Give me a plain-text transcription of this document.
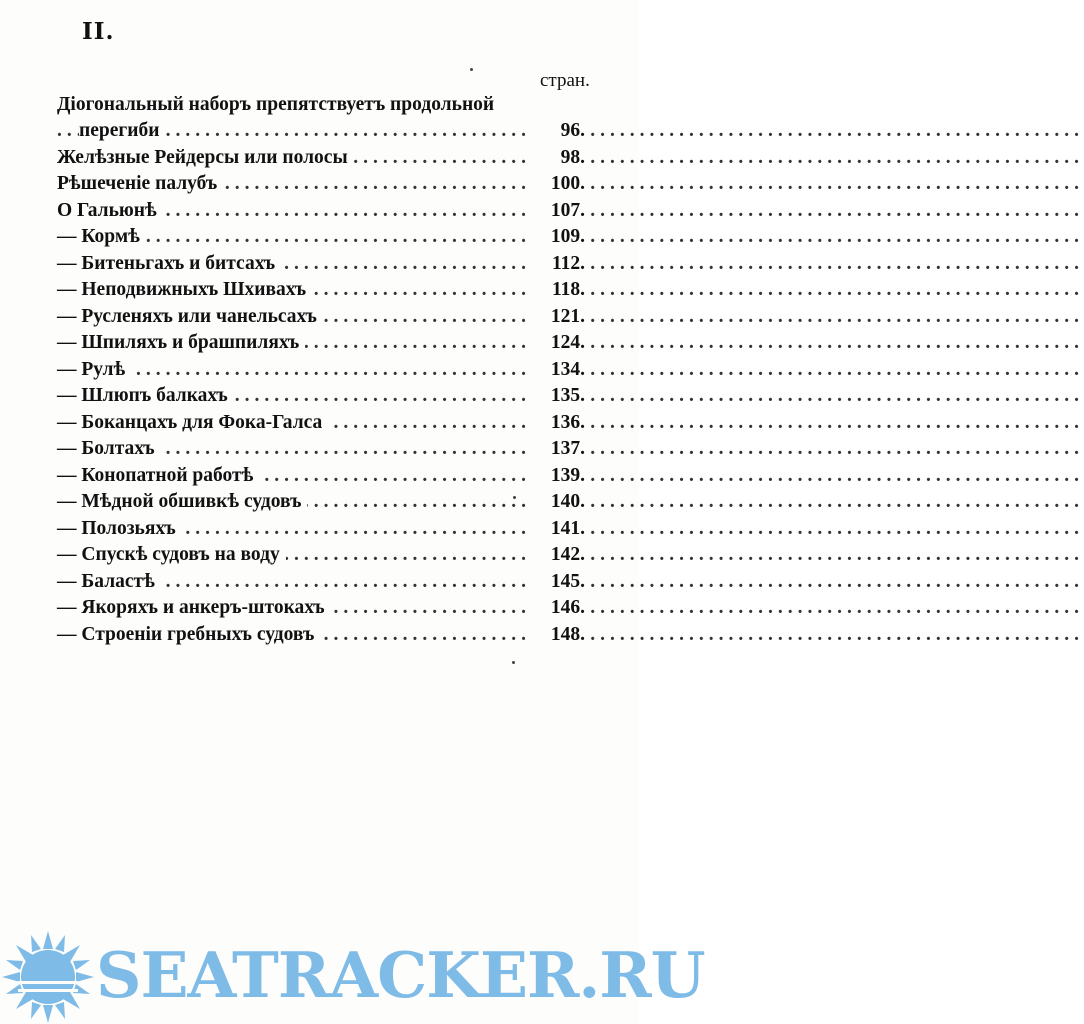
II.
стран.
Діогональный наборъ препятствуетъ продольной
перегиби .....	96.
Желѣзные Рейдерсы или полосы .....	98.
Рѣшеченіе палубъ .....	100.
О Гальюнѣ .....	107.
— Кормѣ .....	109.
— Битеньгахъ и битсахъ .....	112.
— Неподвижныхъ Шхивахъ .....	118.
— Русленяхъ или чанельсахъ .....	121.
— Шпиляхъ и брашпиляхъ .....	124.
— Рулѣ .....	134.
— Шлюпъ балкахъ .....	135.
— Боканцахъ для Фока-Галса .....	136.
— Болтахъ .....	137.
— Конопатной работѣ .....	139.
— Мѣдной обшивкѣ судовъ .....	140.
— Полозьяхъ .....	141.
— Спускѣ судовъ на воду .....	142.
— Баластѣ .....	145.
— Якоряхъ и анкеръ-штокахъ .....	146.
— Строеніи гребныхъ судовъ .....	148.
SEATRACKER.RU
